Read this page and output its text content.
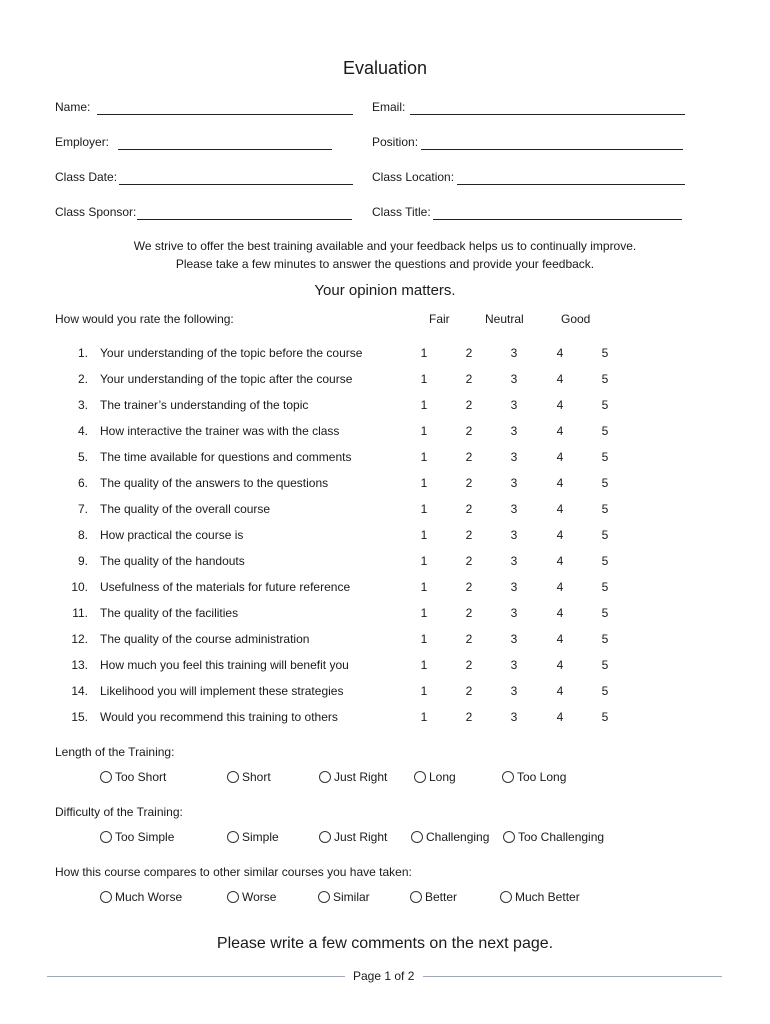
Evaluation
Name:	Email:
Employer:	Position:
Class Date:	Class Location:
Class Sponsor:	Class Title:
We strive to offer the best training available and your feedback helps us to continually improve.
Please take a few minutes to answer the questions and provide your feedback.
Your opinion matters.
How would you rate the following:	Fair	Neutral	Good
1. Your understanding of the topic before the course	1	2	3	4	5
2. Your understanding of the topic after the course	1	2	3	4	5
3. The trainer’s understanding of the topic	1	2	3	4	5
4. How interactive the trainer was with the class	1	2	3	4	5
5. The time available for questions and comments	1	2	3	4	5
6. The quality of the answers to the questions	1	2	3	4	5
7. The quality of the overall course	1	2	3	4	5
8. How practical the course is	1	2	3	4	5
9. The quality of the handouts	1	2	3	4	5
10. Usefulness of the materials for future reference	1	2	3	4	5
11. The quality of the facilities	1	2	3	4	5
12. The quality of the course administration	1	2	3	4	5
13. How much you feel this training will benefit you	1	2	3	4	5
14. Likelihood you will implement these strategies	1	2	3	4	5
15. Would you recommend this training to others	1	2	3	4	5
Length of the Training:
Too Short	Short	Just Right	Long	Too Long
Difficulty of the Training:
Too Simple	Simple	Just Right	Challenging Too Challenging
How this course compares to other similar courses you have taken:
Much Worse	Worse	Similar	Better	Much Better
Please write a few comments on the next page.
Page 1 of 2
